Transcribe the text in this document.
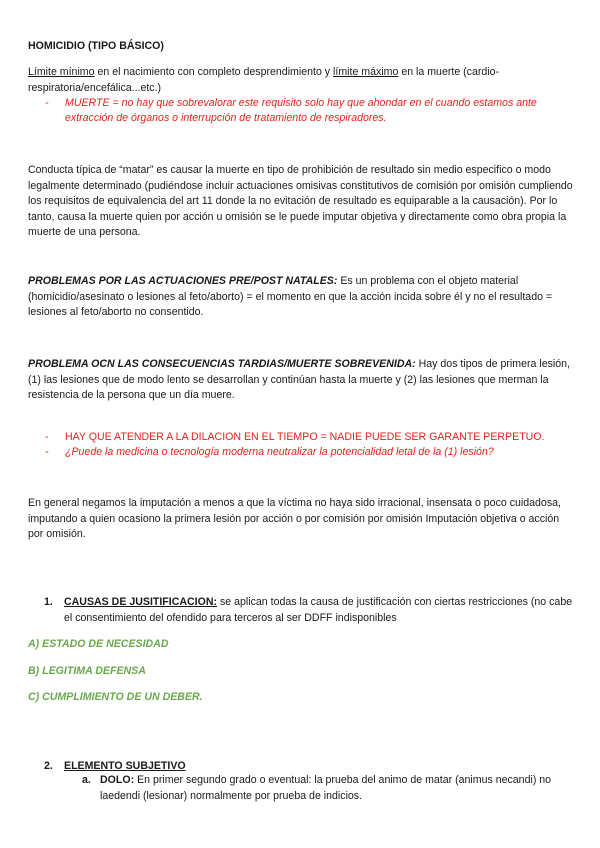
HOMICIDIO (TIPO BÁSICO)
Límite mínimo en el nacimiento con completo desprendimiento y límite máximo en la muerte (cardio-respiratoria/encefálica...etc.)
- MUERTE = no hay que sobrevalorar este requisito solo hay que ahondar en el cuando estamos ante extracción de órganos o interrupción de tratamiento de respiradores.
Conducta típica de “matar” es causar la muerte en tipo de prohibición de resultado sin medio especifico o modo legalmente determinado (pudiéndose incluir actuaciones omisivas constitutivos de comisión por omisión cumpliendo los requisitos de equivalencia del art 11 donde la no evitación de resultado es equiparable a la causación). Por lo tanto, causa la muerte quien por acción u omisión se le puede imputar objetiva y directamente como obra propia la muerte de una persona.
PROBLEMAS POR LAS ACTUACIONES PRE/POST NATALES: Es un problema con el objeto material (homicidio/asesinato o lesiones al feto/aborto) = el momento en que la acción incida sobre él y no el resultado = lesiones al feto/aborto no consentido.
PROBLEMA OCN LAS CONSECUENCIAS TARDIAS/MUERTE SOBREVENIDA: Hay dos tipos de primera lesión, (1) las lesiones que de modo lento se desarrollan y continúan hasta la muerte y (2) las lesiones que merman la resistencia de la persona que un día muere.
- HAY QUE ATENDER A LA DILACION EN EL TIEMPO = NADIE PUEDE SER GARANTE PERPETUO.
- ¿Puede la medicina o tecnología moderna neutralizar la potencialidad letal de la (1) lesión?
En general negamos la imputación a menos a que la víctima no haya sido irracional, insensata o poco cuidadosa, imputando a quien ocasiono la primera lesión por acción o por comisión por omisión Imputación objetiva o acción por omisión.
1. CAUSAS DE JUSITIFICACION: se aplican todas la causa de justificación con ciertas restricciones (no cabe el consentimiento del ofendido para terceros al ser DDFF indisponibles
A) ESTADO DE NECESIDAD
B) LEGITIMA DEFENSA
C) CUMPLIMIENTO DE UN DEBER.
2. ELEMENTO SUBJETIVO
a. DOLO: En primer segundo grado o eventual: la prueba del animo de matar (animus necandi) no laedendi (lesionar) normalmente por prueba de indicios.
